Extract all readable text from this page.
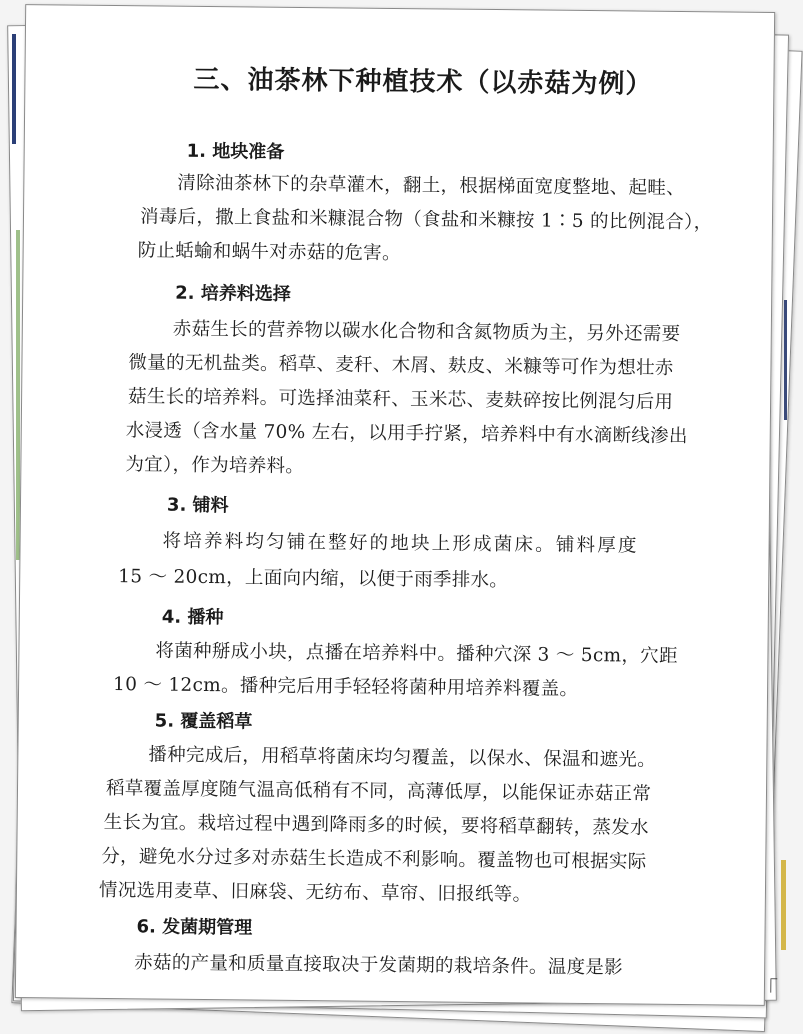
三、油茶林下种植技术（以赤菇为例）
1. 地块准备

清除油茶林下的杂草灌木，翻土，根据梯面宽度整地、起畦、

消毒后，撒上食盐和米糠混合物（食盐和米糠按 1∶5 的比例混合），

防止蛞蝓和蜗牛对赤菇的危害。

2. 培养料选择

赤菇生长的营养物以碳水化合物和含氮物质为主，另外还需要

微量的无机盐类。稻草、麦秆、木屑、麸皮、米糠等可作为想壮赤

菇生长的培养料。可选择油菜秆、玉米芯、麦麸碎按比例混匀后用

水浸透（含水量 70% 左右，以用手拧紧，培养料中有水滴断线渗出

为宜），作为培养料。

3. 铺料

将培养料均匀铺在整好的地块上形成菌床。铺料厚度

15 ～ 20cm，上面向内缩，以便于雨季排水。

4. 播种

将菌种掰成小块，点播在培养料中。播种穴深 3 ～ 5cm，穴距

10 ～ 12cm。播种完后用手轻轻将菌种用培养料覆盖。

5. 覆盖稻草

播种完成后，用稻草将菌床均匀覆盖，以保水、保温和遮光。

稻草覆盖厚度随气温高低稍有不同，高薄低厚，以能保证赤菇正常

生长为宜。栽培过程中遇到降雨多的时候，要将稻草翻转，蒸发水

分，避免水分过多对赤菇生长造成不利影响。覆盖物也可根据实际

情况选用麦草、旧麻袋、无纺布、草帘、旧报纸等。

6. 发菌期管理

赤菇的产量和质量直接取决于发菌期的栽培条件。温度是影

「
